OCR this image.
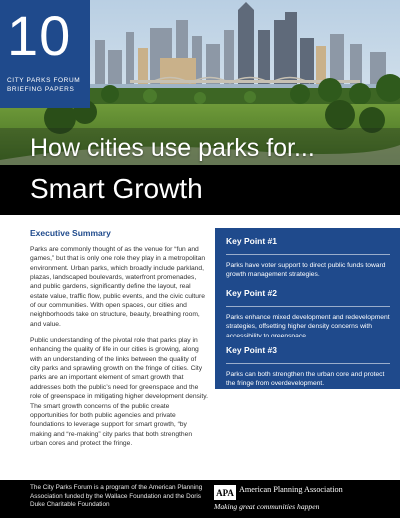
10
CITY PARKS FORUM
BRIEFING PAPERS
How cities use parks for...
Smart Growth
Executive Summary

Parks are commonly thought of as the venue for “fun and games,” but that is only one role they play in a metropolitan environment. Urban parks, which broadly include parkland, plazas, landscaped boulevards, waterfront promenades, and public gardens, significantly define the layout, real estate value, traffic flow, public events, and the civic culture of our communities. With open spaces, our cities and neighborhoods take on structure, beauty, breathing room, and value.

Public understanding of the pivotal role that parks play in enhancing the quality of life in our cities is growing, along with an understanding of the links between the quality of city parks and sprawling growth on the fringe of cities. City parks are an important element of smart growth that addresses both the public’s need for greenspace and the role of greenspace in mitigating higher development density. The smart growth concerns of the public create opportunities for both public agencies and private foundations to leverage support for smart growth, “by making and “re-making” city parks that both strengthen urban cores and protect the fringe.

Key Point #1
Parks have voter support to direct public funds toward growth management strategies.
Key Point #2
Parks enhance mixed development and redevelopment strategies, offsetting higher density concerns with
Key Point #3
Parks can both strengthen the urban core and protect the fringe from overdevelopment.
The City Parks Forum is a program of the American Planning Association funded by the Wallace Foundation and the Doris Duke Charitable Foundation
APA American Planning Association
Making great communities happen
